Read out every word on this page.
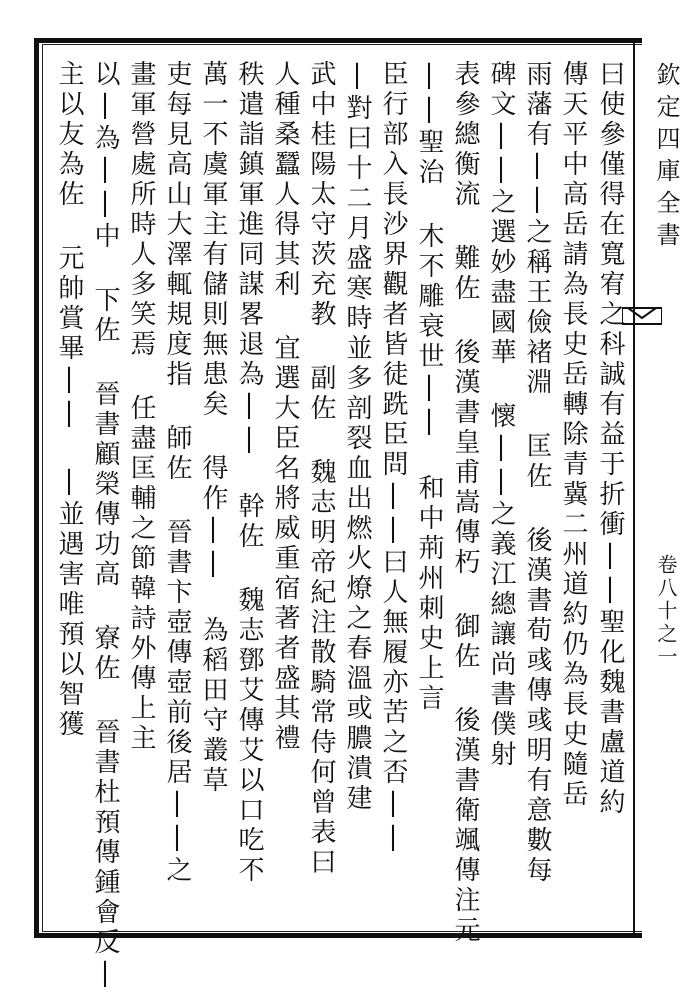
欽定四庫全書卷八十之一
曰使參僅得在寬宥之科誠有益于折衝||聖化魏書盧道約
傳天平中高岳請為長史岳轉除青冀二州道約仍為長史隨岳
雨藩有||之稱王儉褚淵 匡佐 後漢書荀彧傳彧明有意數每
碑文||之選妙盡國華 懷||之義江總讓尚書僕射
表參總衡流 難佐 後漢書皇甫嵩傳朽 御佐 後漢書衛颯傳注元
||聖治 木不雕衰世|| 和中荊州刺史上言
臣行部入長沙界觀者皆徒跣臣問||曰人無履亦苦之否||
|對曰十二月盛寒時並多剖裂血出燃火燎之春溫或膿潰建
武中桂陽太守茨充教 副佐 魏志明帝紀注散騎常侍何曾表曰
人種桑蠶人得其利 宜選大臣名將威重宿著者盛其禮
秩遣詣鎮軍進同謀畧退為|| 幹佐 魏志鄧艾傳艾以口吃不
萬一不虞軍主有儲則無患矣 得作|| 為稻田守叢草
吏每見高山大澤輒規度指 師佐 晉書卞壺傳壺前後居||之
畫軍營處所時人多笑焉 任盡匡輔之節韓詩外傳上主
以|為||中 下佐 晉書顧榮傳功高 寮佐 晉書杜預傳鍾會反|
主以友為佐 元帥賞畢|| |並遇害唯預以智獲
